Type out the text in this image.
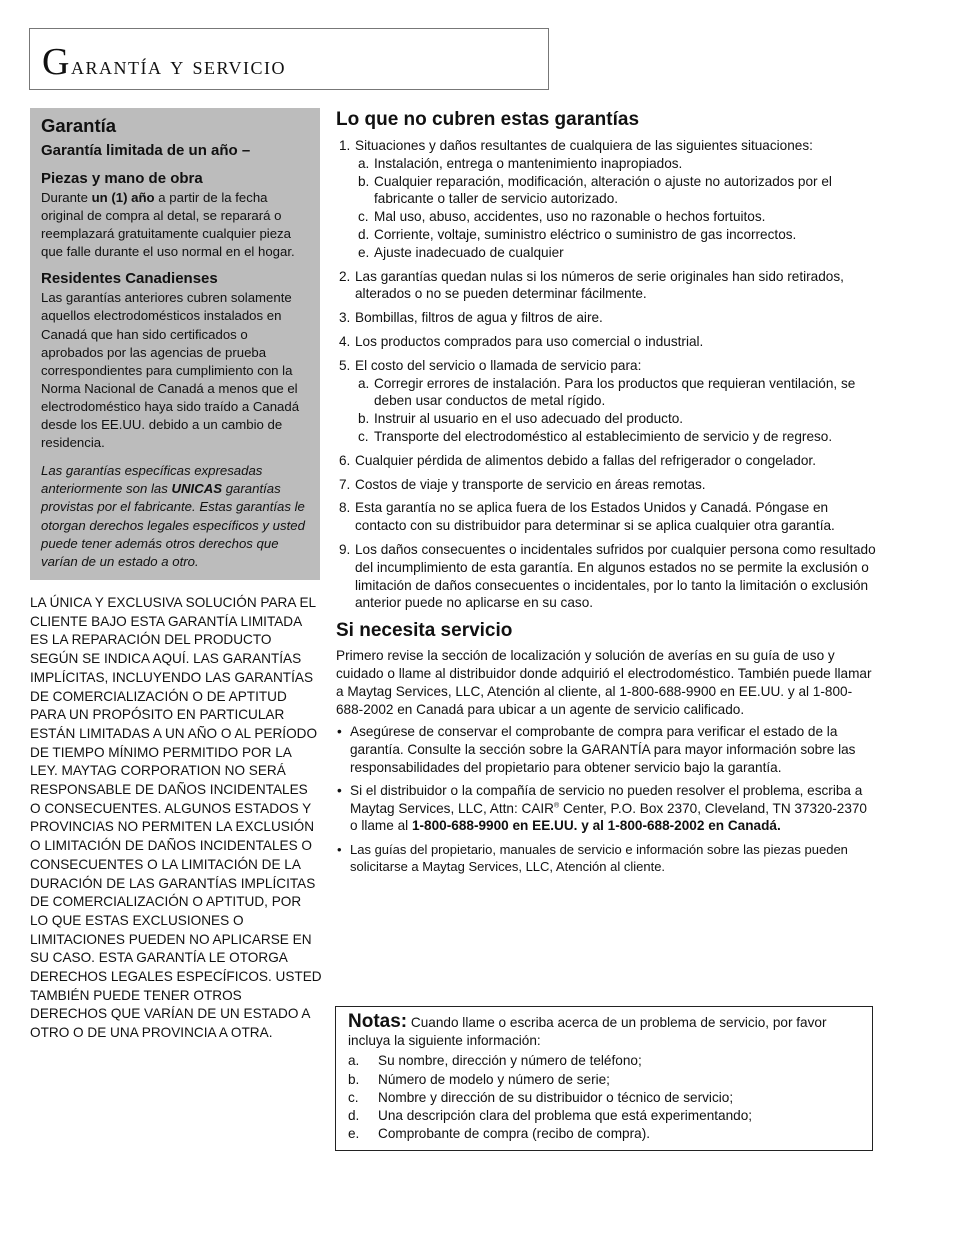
Garantía y servicio
Garantía
Garantía limitada de un año –
Piezas y mano de obra

Durante un (1) año a partir de la fecha original de compra al detal, se reparará o reemplazará gratuitamente cualquier pieza que falle durante el uso normal en el hogar.

Residentes Canadienses

Las garantías anteriores cubren solamente aquellos electrodomésticos instalados en Canadá que han sido certificados o aprobados por las agencias de prueba correspondientes para cumplimiento con la Norma Nacional de Canadá a menos que el electrodoméstico haya sido traído a Canadá desde los EE.UU. debido a un cambio de residencia.

Las garantías específicas expresadas anteriormente son las UNICAS garantías provistas por el fabricante. Estas garantías le otorgan derechos legales específicos y usted puede tener además otros derechos que varían de un estado a otro.

LA ÚNICA Y EXCLUSIVA SOLUCIÓN PARA EL CLIENTE BAJO ESTA GARANTÍA LIMITADA ES LA REPARACIÓN DEL PRODUCTO SEGÚN SE INDICA AQUÍ. LAS GARANTÍAS IMPLÍCITAS, INCLUYENDO LAS GARANTÍAS DE COMERCIALIZACIÓN O DE APTITUD PARA UN PROPÓSITO EN PARTICULAR ESTÁN LIMITADAS A UN AÑO O AL PERÍODO DE TIEMPO MÍNIMO PERMITIDO POR LA LEY. MAYTAG CORPORATION NO SERÁ RESPONSABLE DE DAÑOS INCIDENTALES O CONSECUENTES. ALGUNOS ESTADOS Y PROVINCIAS NO PERMITEN LA EXCLUSIÓN O LIMITACIÓN DE DAÑOS INCIDENTALES O CONSECUENTES O LA LIMITACIÓN DE LA DURACIÓN DE LAS GARANTÍAS IMPLÍCITAS DE COMERCIALIZACIÓN O APTITUD, POR LO QUE ESTAS EXCLUSIONES O LIMITACIONES PUEDEN NO APLICARSE EN SU CASO. ESTA GARANTÍA LE OTORGA DERECHOS LEGALES ESPECÍFICOS. USTED TAMBIÉN PUEDE TENER OTROS DERECHOS QUE VARÍAN DE UN ESTADO A OTRO O DE UNA PROVINCIA A OTRA.
Lo que no cubren estas garantías
1. Situaciones y daños resultantes de cualquiera de las siguientes situaciones:
a. Instalación, entrega o mantenimiento inapropiados.
b. Cualquier reparación, modificación, alteración o ajuste no autorizados por el fabricante o taller de servicio autorizado.
c. Mal uso, abuso, accidentes, uso no razonable o hechos fortuitos.
d. Corriente, voltaje, suministro eléctrico o suministro de gas incorrectos.
e. Ajuste inadecuado de cualquier
2. Las garantías quedan nulas si los números de serie originales han sido retirados, alterados o no se pueden determinar fácilmente.
3. Bombillas, filtros de agua y filtros de aire.
4. Los productos comprados para uso comercial o industrial.
5. El costo del servicio o llamada de servicio para:
a. Corregir errores de instalación. Para los productos que requieran ventilación, se deben usar conductos de metal rígido.
b. Instruir al usuario en el uso adecuado del producto.
c. Transporte del electrodoméstico al establecimiento de servicio y de regreso.
6. Cualquier pérdida de alimentos debido a fallas del refrigerador o congelador.
7. Costos de viaje y transporte de servicio en áreas remotas.
8. Esta garantía no se aplica fuera de los Estados Unidos y Canadá. Póngase en contacto con su distribuidor para determinar si se aplica cualquier otra garantía.
9. Los daños consecuentes o incidentales sufridos por cualquier persona como resultado del incumplimiento de esta garantía. En algunos estados no se permite la exclusión o limitación de daños consecuentes o incidentales, por lo tanto la limitación o exclusión anterior puede no aplicarse en su caso.
Si necesita servicio

Primero revise la sección de localización y solución de averías en su guía de uso y cuidado o llame al distribuidor donde adquirió el electrodoméstico. También puede llamar a Maytag Services, LLC, Atención al cliente, al 1-800-688-9900 en EE.UU. y al 1-800-688-2002 en Canadá para ubicar a un agente de servicio calificado.

• Asegúrese de conservar el comprobante de compra para verificar el estado de la garantía. Consulte la sección sobre la GARANTÍA para mayor información sobre las responsabilidades del propietario para obtener servicio bajo la garantía.
• Si el distribuidor o la compañía de servicio no pueden resolver el problema, escriba a Maytag Services, LLC, Attn: CAIR® Center, P.O. Box 2370, Cleveland, TN 37320-2370 o llame al 1-800-688-9900 en EE.UU. y al 1-800-688-2002 en Canadá.
• Las guías del propietario, manuales de servicio e información sobre las piezas pueden solicitarse a Maytag Services, LLC, Atención al cliente.
Notas: Cuando llame o escriba acerca de un problema de servicio, por favor incluya la siguiente información:
a. Su nombre, dirección y número de teléfono;
b. Número de modelo y número de serie;
c. Nombre y dirección de su distribuidor o técnico de servicio;
d. Una descripción clara del problema que está experimentando;
e. Comprobante de compra (recibo de compra).
